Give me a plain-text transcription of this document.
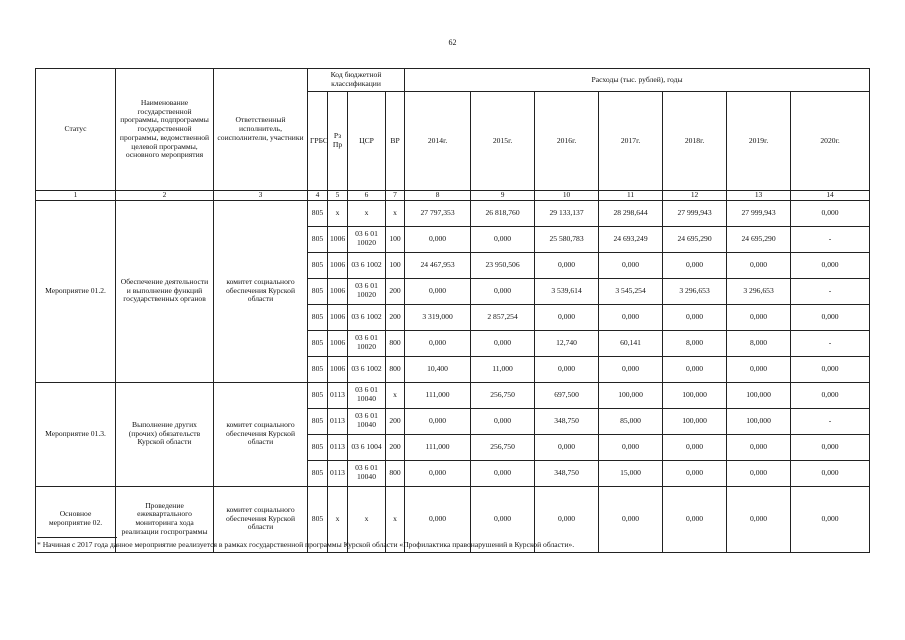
62
Статус	Наименование государственной программы, подпрограммы государственной программы, ведомственной целевой программы, основного мероприятия	Ответственный исполнитель, соисполнители, участники	Код бюджетной классификации				Расходы (тыс. рублей), годы						
			ГРБС	Рз Пр	ЦСР	ВР	2014г.	2015г.	2016г.	2017г.	2018г.	2019г.	2020г.
1	2	3	4	5	6	7	8	9	10	11	12	13	14
Мероприятие 01.2.	Обеспечение деятельности и выполнение функций государственных органов	комитет социального обеспечения Курской области	805	x	x	x	27 797,353	26 818,760	29 133,137	28 298,644	27 999,943	27 999,943	0,000
			805	1006	03 6 01 10020	100	0,000	0,000	25 580,783	24 693,249	24 695,290	24 695,290	-
			805	1006	03 6 1002	100	24 467,953	23 950,506	0,000	0,000	0,000	0,000	0,000
			805	1006	03 6 01 10020	200	0,000	0,000	3 539,614	3 545,254	3 296,653	3 296,653	-
			805	1006	03 6 1002	200	3 319,000	2 857,254	0,000	0,000	0,000	0,000	0,000
			805	1006	03 6 01 10020	800	0,000	0,000	12,740	60,141	8,000	8,000	-
			805	1006	03 6 1002	800	10,400	11,000	0,000	0,000	0,000	0,000	0,000
Мероприятие 01.3.	Выполнение других (прочих) обязательств Курской области	комитет социального обеспечения Курской области	805	0113	03 6 01 10040	x	111,000	256,750	697,500	100,000	100,000	100,000	0,000
			805	0113	03 6 01 10040	200	0,000	0,000	348,750	85,000	100,000	100,000	-
			805	0113	03 6 1004	200	111,000	256,750	0,000	0,000	0,000	0,000	0,000
			805	0113	03 6 01 10040	800	0,000	0,000	348,750	15,000	0,000	0,000	0,000
Основное мероприятие 02.	Проведение ежеквартального мониторинга хода реализации госпрограммы	комитет социального обеспечения Курской области	805	x	x	x	0,000	0,000	0,000	0,000	0,000	0,000	0,000
* Начиная с 2017 года данное мероприятие реализуется в рамках государственной программы Курской области «Профилактика правонарушений в Курской области».
